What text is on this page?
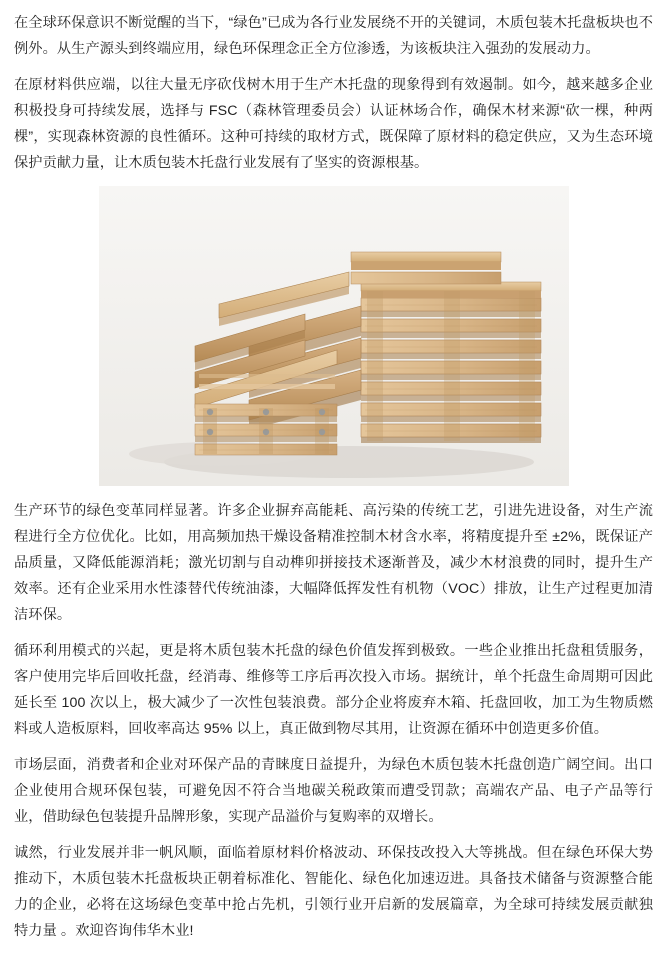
在全球环保意识不断觉醒的当下，“绿色”已成为各行业发展绕不开的关键词，木质包装木托盘板块也不例外。从生产源头到终端应用，绿色环保理念正全方位渗透，为该板块注入强劲的发展动力。

在原材料供应端，以往大量无序砍伐树木用于生产木托盘的现象得到有效遏制。如今，越来越多企业积极投身可持续发展，选择与 FSC（森林管理委员会）认证林场合作，确保木材来源“砍一棵，种两棵”，实现森林资源的良性循环。这种可持续的取材方式，既保障了原材料的稳定供应，又为生态环境保护贡献力量，让木质包装木托盘行业发展有了坚实的资源根基。

生产环节的绿色变革同样显著。许多企业摒弃高能耗、高污染的传统工艺，引进先进设备，对生产流程进行全方位优化。比如，用高频加热干燥设备精准控制木材含水率，将精度提升至 ±2%，既保证产品质量，又降低能源消耗；激光切割与自动榫卯拼接技术逐渐普及，减少木材浪费的同时，提升生产效率。还有企业采用水性漆替代传统油漆，大幅降低挥发性有机物（VOC）排放，让生产过程更加清洁环保。

循环利用模式的兴起，更是将木质包装木托盘的绿色价值发挥到极致。一些企业推出托盘租赁服务，客户使用完毕后回收托盘，经消毒、维修等工序后再次投入市场。据统计，单个托盘生命周期可因此延长至 100 次以上，极大减少了一次性包装浪费。部分企业将废弃木箱、托盘回收，加工为生物质燃料或人造板原料，回收率高达 95% 以上，真正做到物尽其用，让资源在循环中创造更多价值。

市场层面，消费者和企业对环保产品的青睐度日益提升，为绿色木质包装木托盘创造广阔空间。出口企业使用合规环保包装，可避免因不符合当地碳关税政策而遭受罚款；高端农产品、电子产品等行业，借助绿色包装提升品牌形象，实现产品溢价与复购率的双增长。

诚然，行业发展并非一帆风顺，面临着原材料价格波动、环保技改投入大等挑战。但在绿色环保大势推动下，木质包装木托盘板块正朝着标准化、智能化、绿色化加速迈进。具备技术储备与资源整合能力的企业，必将在这场绿色变革中抢占先机，引领行业开启新的发展篇章，为全球可持续发展贡献独特力量 。欢迎咨询伟华木业!
